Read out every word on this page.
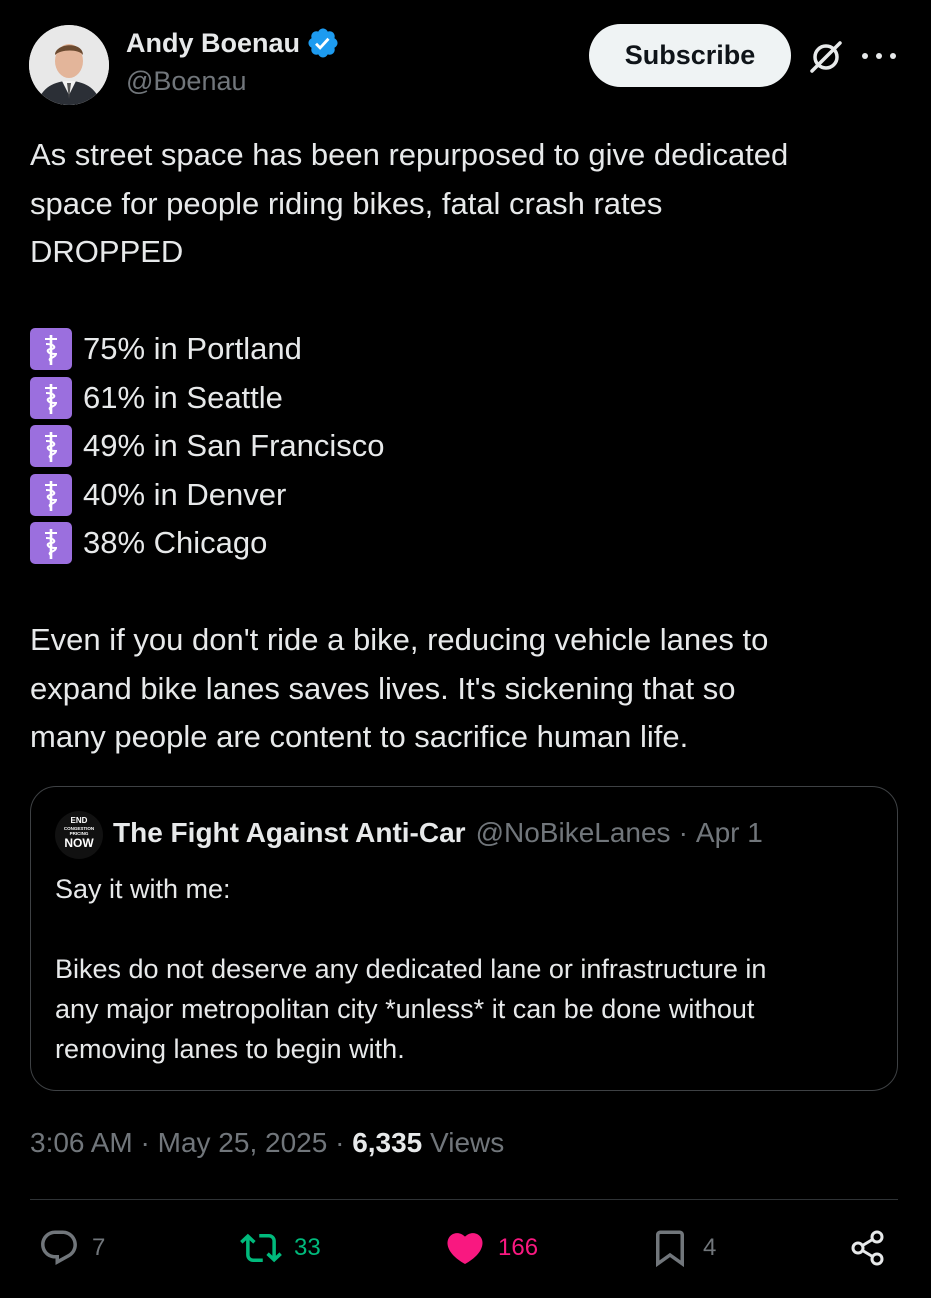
Andy Boenau
@Boenau
Subscribe

As street space has been repurposed to give dedicated

space for people riding bikes, fatal crash rates

DROPPED

75% in Portland
61% in Seattle
49% in San Francisco
40% in Denver
38% Chicago

Even if you don't ride a bike, reducing vehicle lanes to

expand bike lanes saves lives. It's sickening that so

many people are content to sacrifice human life.

END
CONGESTION PRICING
NOW The Fight Against Anti-Car @NoBikeLanes · Apr 1

Say it with me:

Bikes do not deserve any dedicated lane or infrastructure in

any major metropolitan city *unless* it can be done without

removing lanes to begin with.

3:06 AM · May 25, 2025 · 6,335 Views
7	33	166	4
